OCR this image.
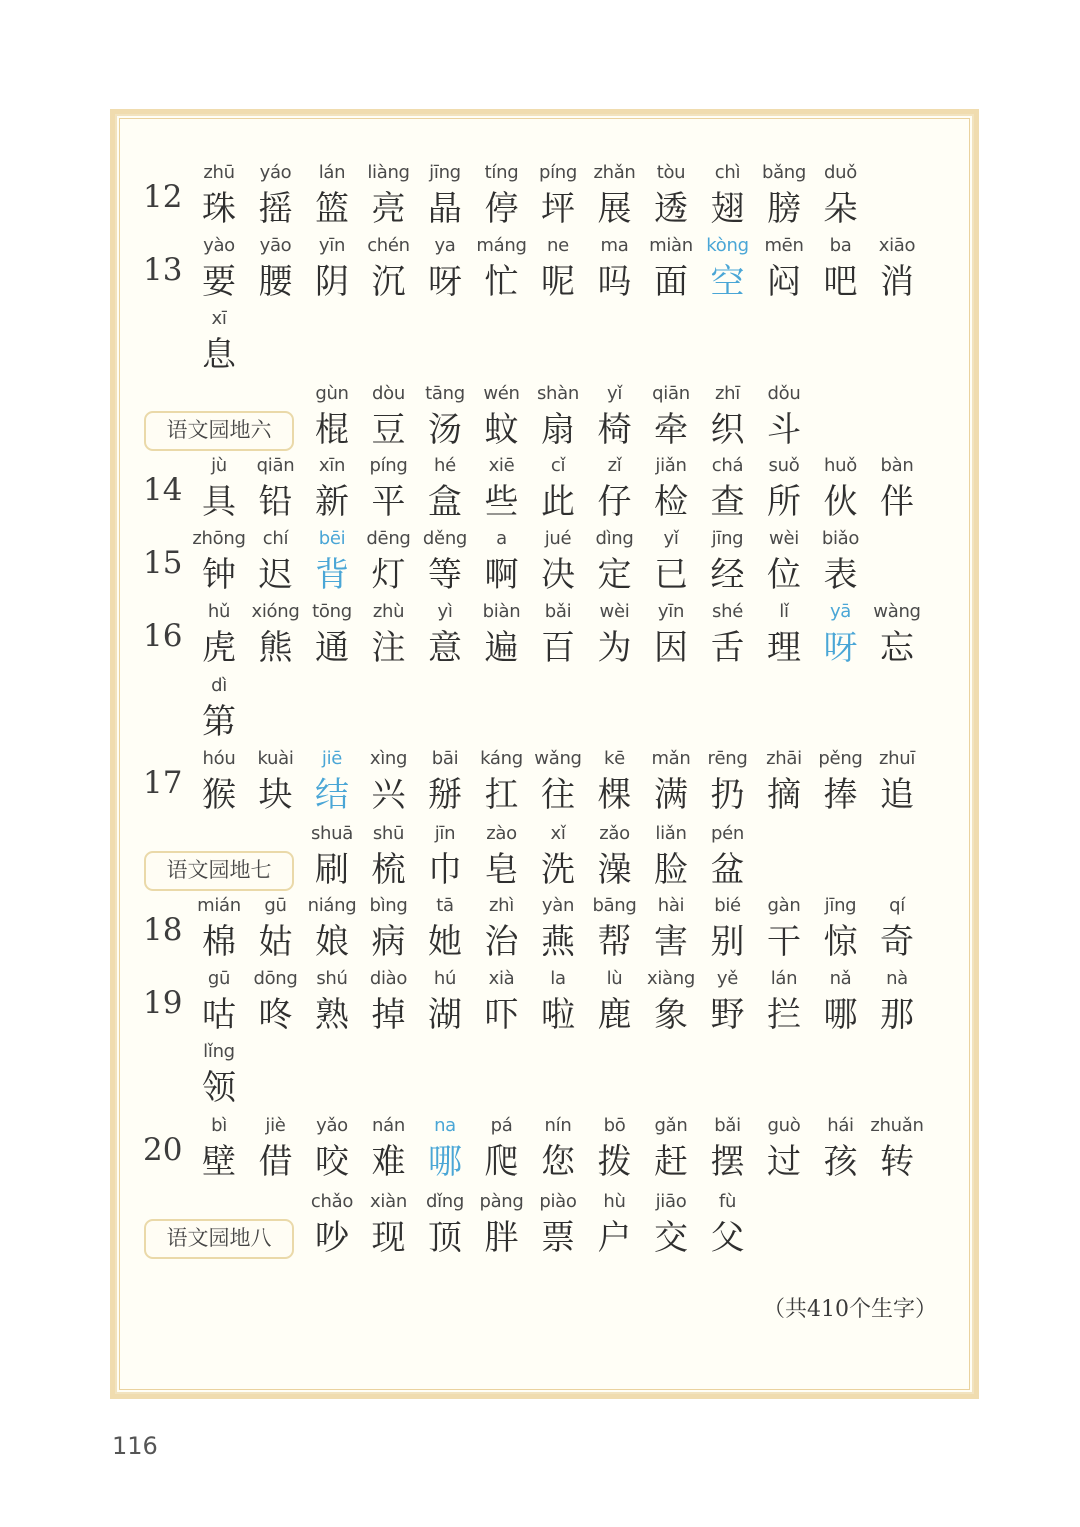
（共410个生字）
12
zhū
珠
yáo
摇
lán
篮
liàng
亮
jīng
晶
tíng
停
píng
坪
zhǎn
展
tòu
透
chì
翅
bǎng
膀
duǒ
朵
13
yào
要
yāo
腰
yīn
阴
chén
沉
ya
呀
máng
忙
ne
呢
ma
吗
miàn
面
kòng
空
mēn
闷
ba
吧
xiāo
消
xī
息
语文园地六
gùn
棍
dòu
豆
tāng
汤
wén
蚊
shàn
扇
yǐ
椅
qiān
牵
zhī
织
dǒu
斗
14
jù
具
qiān
铅
xīn
新
píng
平
hé
盒
xiē
些
cǐ
此
zǐ
仔
jiǎn
检
chá
查
suǒ
所
huǒ
伙
bàn
伴
15
zhōng
钟
chí
迟
bēi
背
dēng
灯
děng
等
a
啊
jué
决
dìng
定
yǐ
已
jīng
经
wèi
位
biǎo
表
16
hǔ
虎
xióng
熊
tōng
通
zhù
注
yì
意
biàn
遍
bǎi
百
wèi
为
yīn
因
shé
舌
lǐ
理
yā
呀
wàng
忘
dì
第
17
hóu
猴
kuài
块
jiē
结
xìng
兴
bāi
掰
káng
扛
wǎng
往
kē
棵
mǎn
满
rēng
扔
zhāi
摘
pěng
捧
zhuī
追
语文园地七
shuā
刷
shū
梳
jīn
巾
zào
皂
xǐ
洗
zǎo
澡
liǎn
脸
pén
盆
18
mián
棉
gū
姑
niáng
娘
bìng
病
tā
她
zhì
治
yàn
燕
bāng
帮
hài
害
bié
别
gàn
干
jīng
惊
qí
奇
19
gū
咕
dōng
咚
shú
熟
diào
掉
hú
湖
xià
吓
la
啦
lù
鹿
xiàng
象
yě
野
lán
拦
nǎ
哪
nà
那
lǐng
领
20
bì
壁
jiè
借
yǎo
咬
nán
难
na
哪
pá
爬
nín
您
bō
拨
gǎn
赶
bǎi
摆
guò
过
hái
孩
zhuǎn
转
语文园地八
chǎo
吵
xiàn
现
dǐng
顶
pàng
胖
piào
票
hù
户
jiāo
交
fù
父
116
